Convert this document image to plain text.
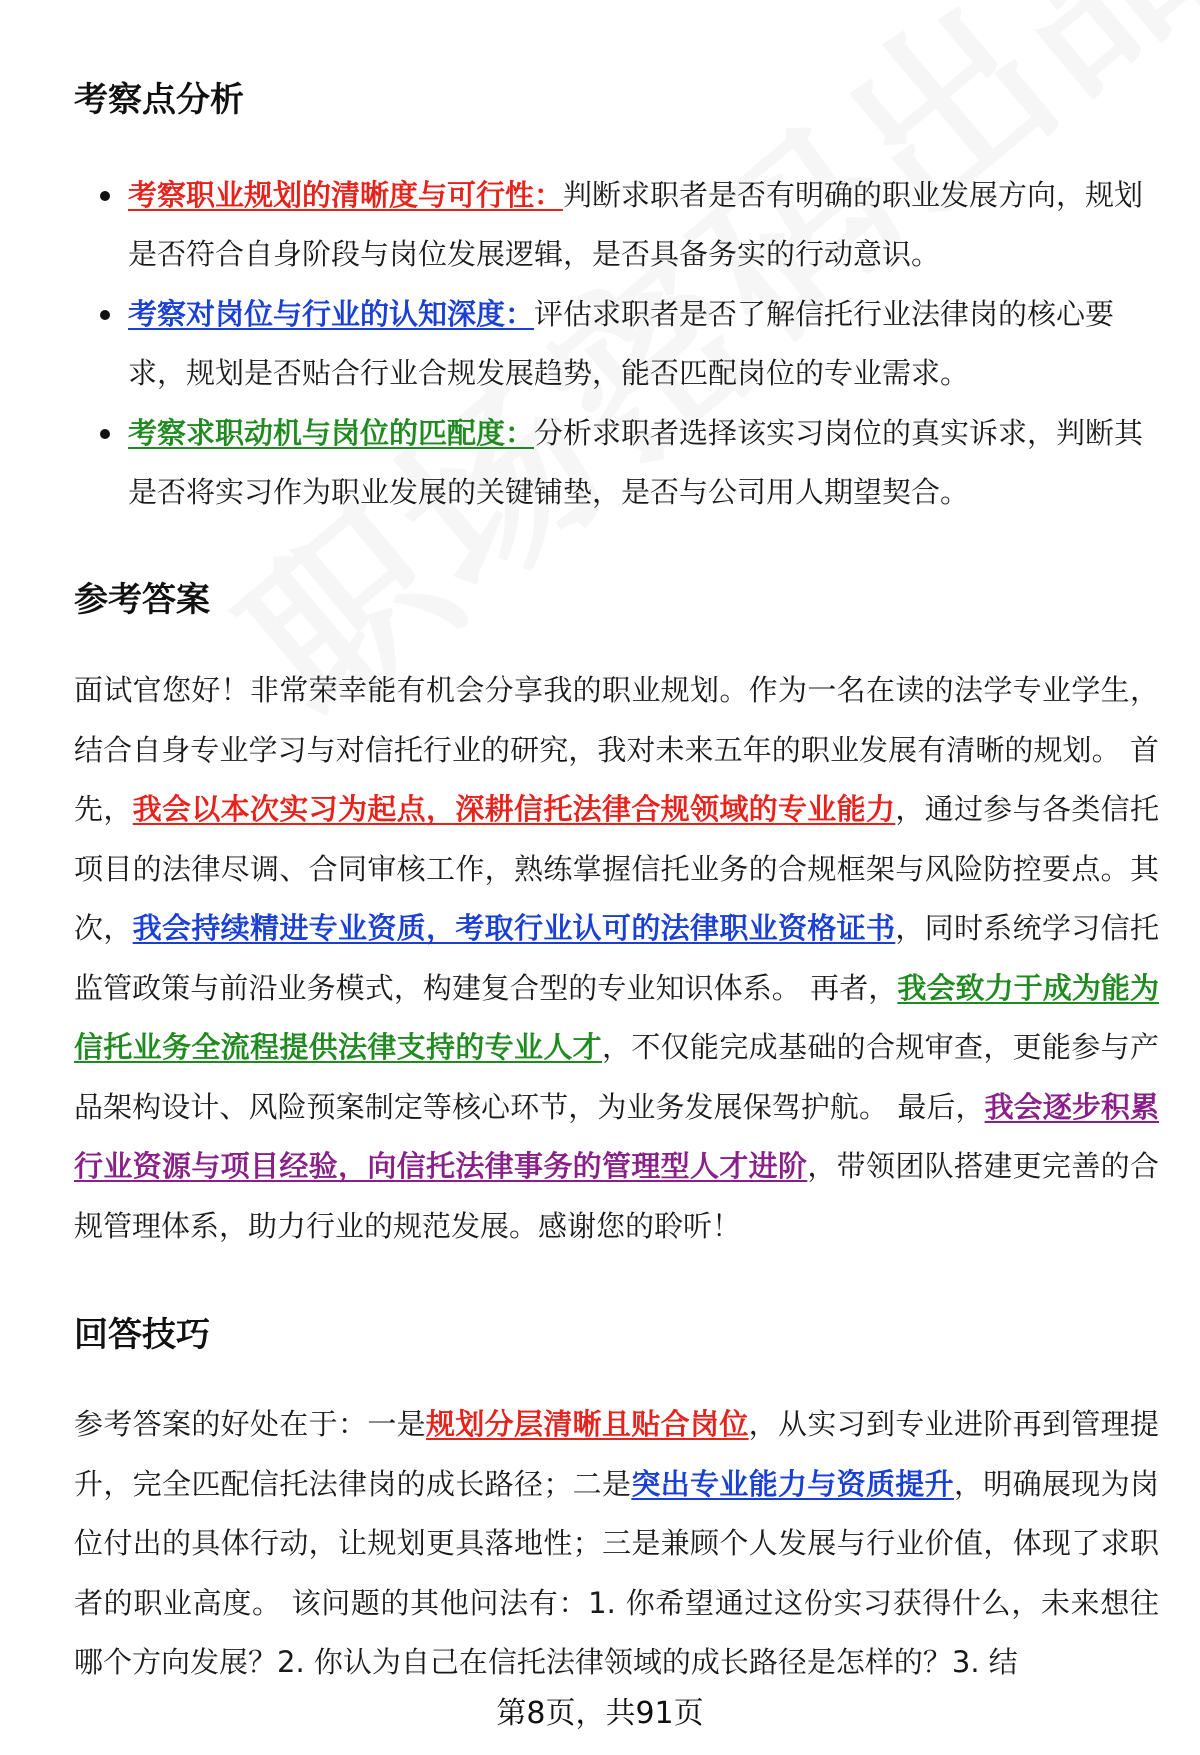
考察点分析
考察职业规划的清晰度与可行性：判断求职者是否有明确的职业发展方向，规划是否符合自身阶段与岗位发展逻辑，是否具备务实的行动意识。
考察对岗位与行业的认知深度：评估求职者是否了解信托行业法律岗的核心要求，规划是否贴合行业合规发展趋势，能否匹配岗位的专业需求。
考察求职动机与岗位的匹配度：分析求职者选择该实习岗位的真实诉求，判断其是否将实习作为职业发展的关键铺垫，是否与公司用人期望契合。
参考答案

面试官您好！非常荣幸能有机会分享我的职业规划。作为一名在读的法学专业学生，结合自身专业学习与对信托行业的研究，我对未来五年的职业发展有清晰的规划。 首先，我会以本次实习为起点，深耕信托法律合规领域的专业能力，通过参与各类信托项目的法律尽调、合同审核工作，熟练掌握信托业务的合规框架与风险防控要点。其次，我会持续精进专业资质，考取行业认可的法律职业资格证书，同时系统学习信托监管政策与前沿业务模式，构建复合型的专业知识体系。 再者，我会致力于成为能为信托业务全流程提供法律支持的专业人才，不仅能完成基础的合规审查，更能参与产品架构设计、风险预案制定等核心环节，为业务发展保驾护航。 最后，我会逐步积累行业资源与项目经验，向信托法律事务的管理型人才进阶，带领团队搭建更完善的合规管理体系，助力行业的规范发展。感谢您的聆听！

回答技巧

参考答案的好处在于：一是规划分层清晰且贴合岗位，从实习到专业进阶再到管理提升，完全匹配信托法律岗的成长路径；二是突出专业能力与资质提升，明确展现为岗位付出的具体行动，让规划更具落地性；三是兼顾个人发展与行业价值，体现了求职者的职业高度。 该问题的其他问法有：1. 你希望通过这份实习获得什么，未来想往哪个方向发展？2. 你认为自己在信托法律领域的成长路径是怎样的？3. 结

第8页，共91页
